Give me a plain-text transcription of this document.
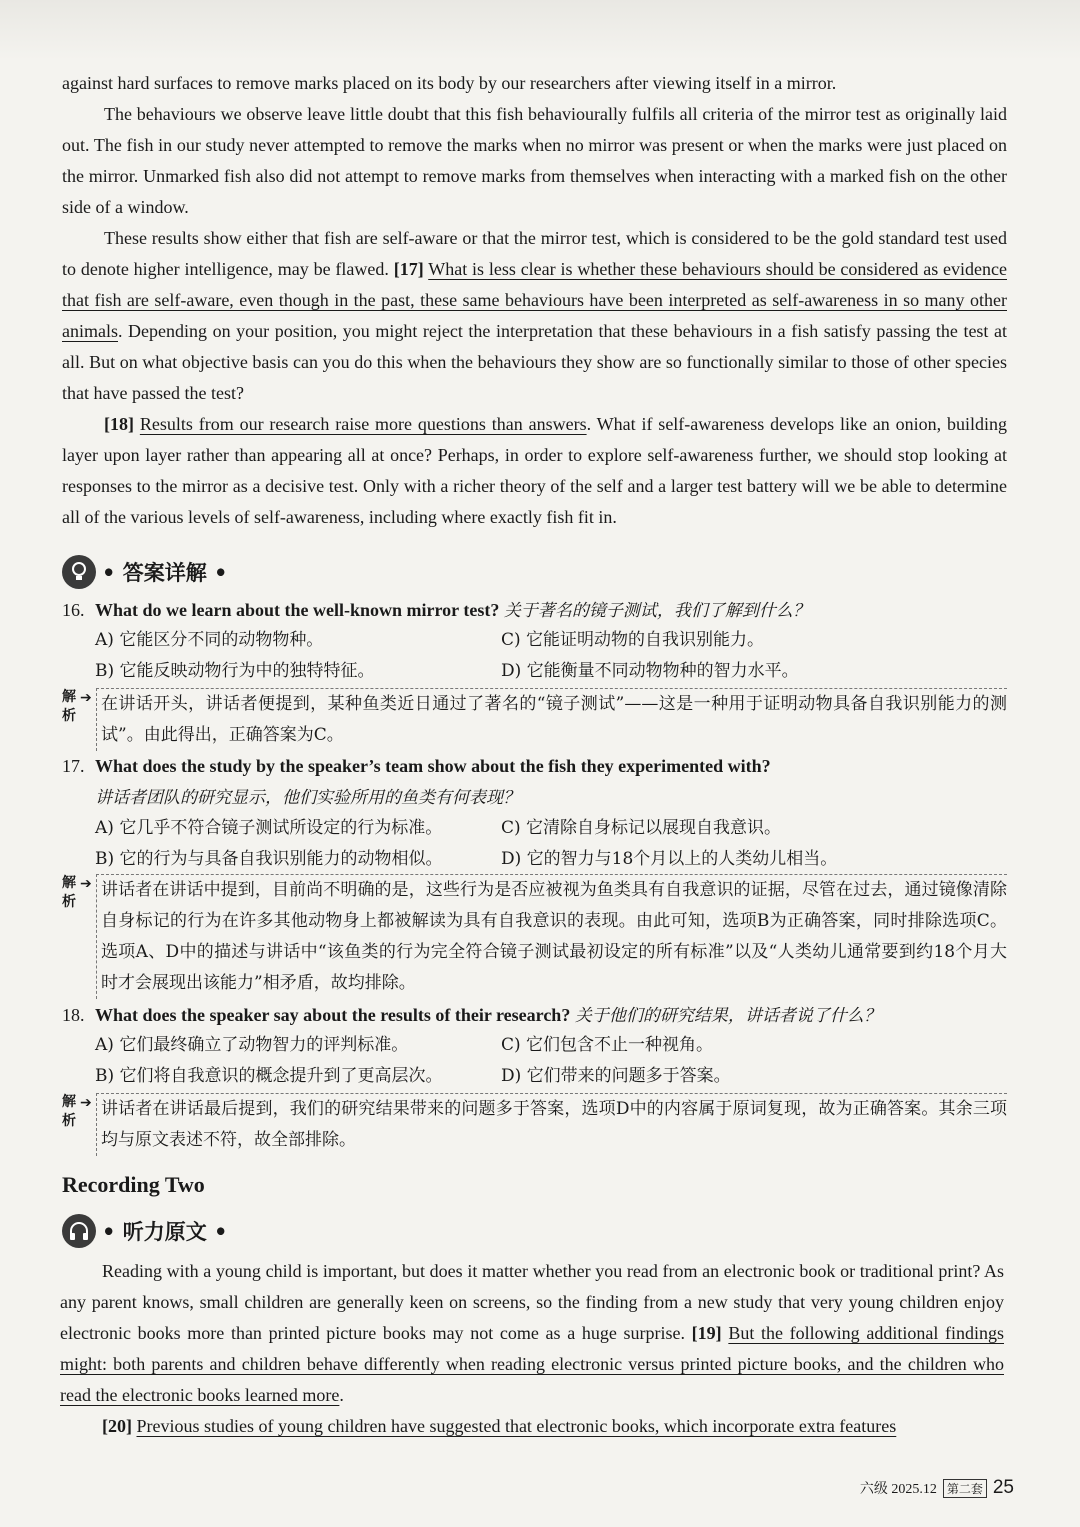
against hard surfaces to remove marks placed on its body by our researchers after viewing itself in a mirror.

The behaviours we observe leave little doubt that this fish behaviourally fulfils all criteria of the mirror test as originally laid out. The fish in our study never attempted to remove the marks when no mirror was present or when the marks were just placed on the mirror. Unmarked fish also did not attempt to remove marks from themselves when interacting with a marked fish on the other side of a window.

These results show either that fish are self-aware or that the mirror test, which is considered to be the gold standard test used to denote higher intelligence, may be flawed. [17] What is less clear is whether these behaviours should be considered as evidence that fish are self-aware, even though in the past, these same behaviours have been interpreted as self-awareness in so many other animals. Depending on your position, you might reject the interpretation that these behaviours in a fish satisfy passing the test at all. But on what objective basis can you do this when the behaviours they show are so functionally similar to those of other species that have passed the test?

[18] Results from our research raise more questions than answers. What if self-awareness develops like an onion, building layer upon layer rather than appearing all at once? Perhaps, in order to explore self-awareness further, we should stop looking at responses to the mirror as a decisive test. Only with a richer theory of the self and a larger test battery will we be able to determine all of the various levels of self-awareness, including where exactly fish fit in.

• 答案详解 •
16. What do we learn about the well-known mirror test? 关于著名的镜子测试，我们了解到什么？
A) 它能区分不同的动物物种。	C) 它能证明动物的自我识别能力。
B) 它能反映动物行为中的独特特征。	D) 它能衡量不同动物物种的智力水平。
解析
➔ 在讲话开头，讲话者便提到，某种鱼类近日通过了著名的“镜子测试”——这是一种用于证明动物具备自我识别能力的测试”。由此得出，正确答案为C。
17. What does the study by the speaker’s team show about the fish they experimented with?
讲话者团队的研究显示，他们实验所用的鱼类有何表现？
A) 它几乎不符合镜子测试所设定的行为标准。	C) 它清除自身标记以展现自我意识。
B) 它的行为与具备自我识别能力的动物相似。	D) 它的智力与18个月以上的人类幼儿相当。
解析
➔ 讲话者在讲话中提到，目前尚不明确的是，这些行为是否应被视为鱼类具有自我意识的证据，尽管在过去，通过镜像清除自身标记的行为在许多其他动物身上都被解读为具有自我意识的表现。由此可知，选项B为正确答案，同时排除选项C。选项A、D中的描述与讲话中“该鱼类的行为完全符合镜子测试最初设定的所有标准”以及“人类幼儿通常要到约18个月大时才会展现出该能力”相矛盾，故均排除。
18. What does the speaker say about the results of their research? 关于他们的研究结果，讲话者说了什么？
A) 它们最终确立了动物智力的评判标准。	C) 它们包含不止一种视角。
B) 它们将自我意识的概念提升到了更高层次。	D) 它们带来的问题多于答案。
解析
➔ 讲话者在讲话最后提到，我们的研究结果带来的问题多于答案，选项D中的内容属于原词复现，故为正确答案。其余三项均与原文表述不符，故全部排除。
Recording Two
• 听力原文 •

Reading with a young child is important, but does it matter whether you read from an electronic book or traditional print? As any parent knows, small children are generally keen on screens, so the finding from a new study that very young children enjoy electronic books more than printed picture books may not come as a huge surprise. [19] But the following additional findings might: both parents and children behave differently when reading electronic versus printed picture books, and the children who read the electronic books learned more.

[20] Previous studies of young children have suggested that electronic books, which incorporate extra features

六级 2025.12 第二套 25
